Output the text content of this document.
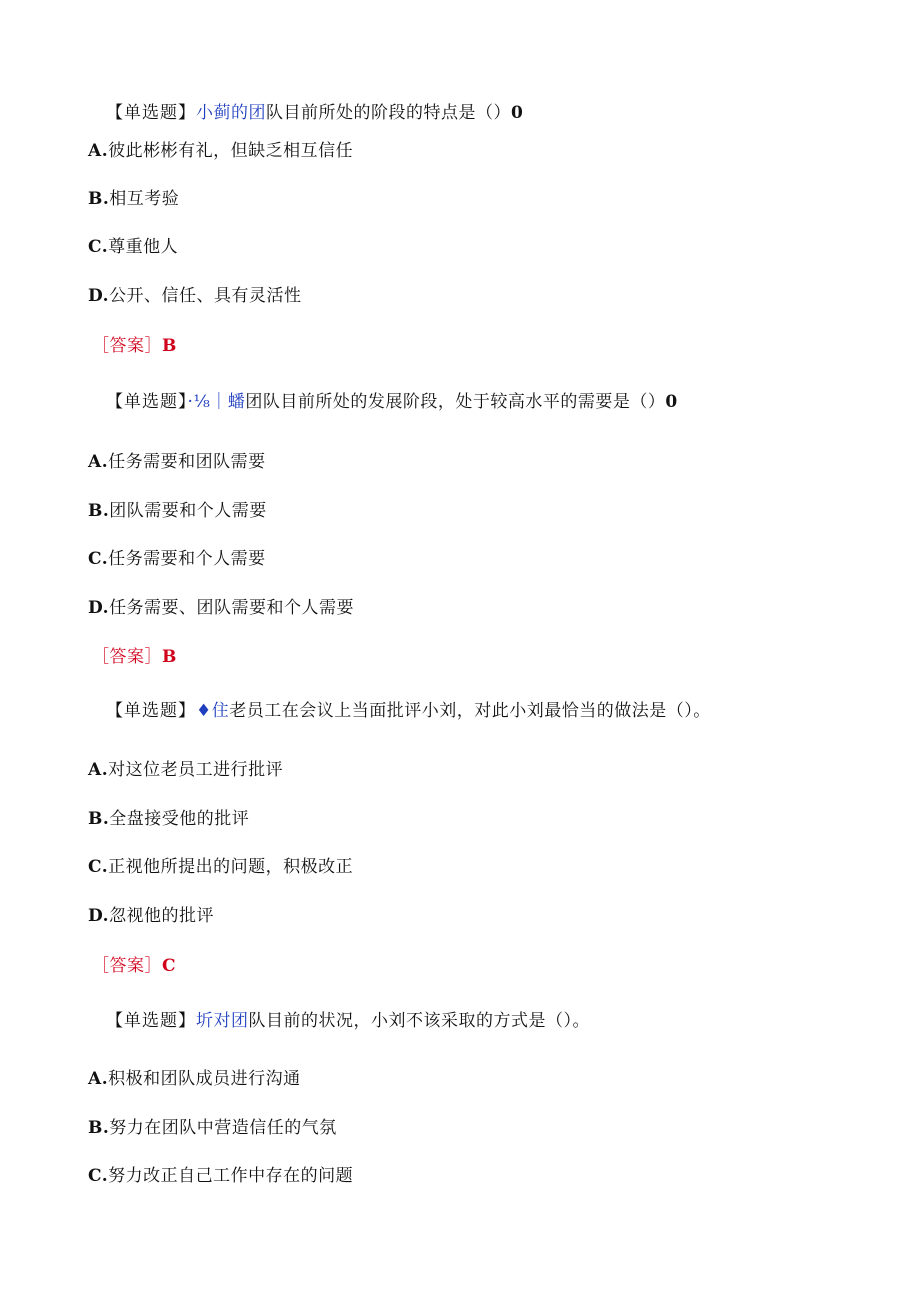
【单选题】小蓟的团队目前所处的阶段的特点是（）0
A.彼此彬彬有礼，但缺乏相互信任
B.相互考验
C.尊重他人
D.公开、信任、具有灵活性
［答案］B
【单选题】·⅛｜蟠团队目前所处的发展阶段，处于较高水平的需要是（）0
A.任务需要和团队需要
B.团队需要和个人需要
C.任务需要和个人需要
D.任务需要、团队需要和个人需要
［答案］B
【单选题】♦住老员工在会议上当面批评小刘，对此小刘最恰当的做法是（）。
A.对这位老员工进行批评
B.全盘接受他的批评
C.正视他所提出的问题，积极改正
D.忽视他的批评
［答案］C
【单选题】圻对团队目前的状况，小刘不该采取的方式是（）。
A.积极和团队成员进行沟通
B.努力在团队中营造信任的气氛
C.努力改正自己工作中存在的问题
